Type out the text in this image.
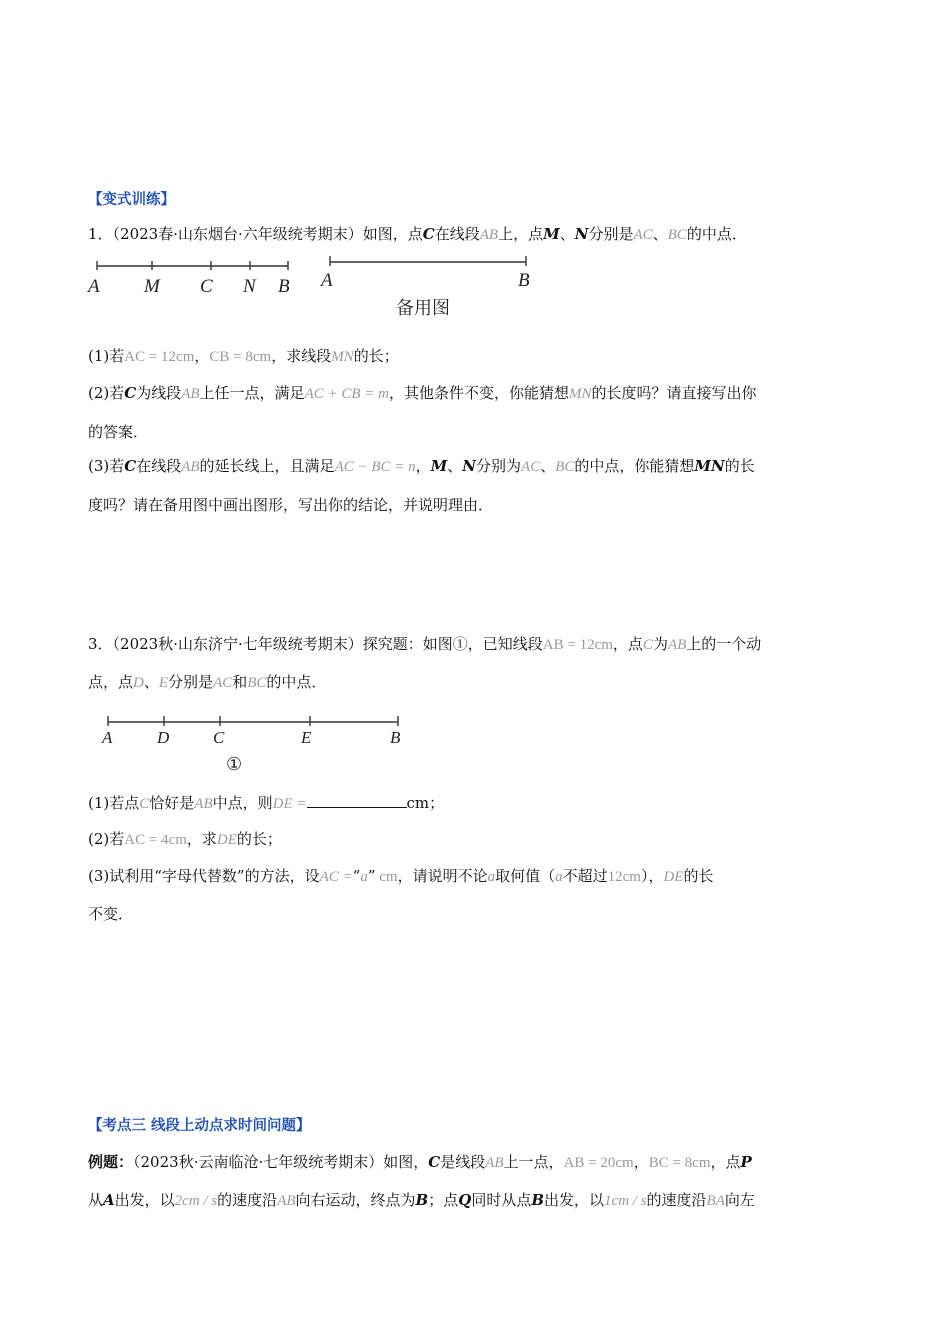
【变式训练】
1．（2023春·山东烟台·六年级统考期末）如图，点C在线段AB上，点M、N分别是AC、BC的中点．
A M C N B A	B
备用图
(1)若AC = 12cm，CB = 8cm，求线段MN的长；
(2)若C为线段AB上任一点，满足AC + CB = m，其他条件不变，你能猜想MN的长度吗？请直接写出你
的答案．
(3)若C在线段AB的延长线上，且满足AC − BC = n，M、N分别为AC、BC的中点，你能猜想MN的长
度吗？请在备用图中画出图形，写出你的结论，并说明理由．
3．（2023秋·山东济宁·七年级统考期末）探究题：如图①，已知线段AB = 12cm，点C为AB上的一个动
点，点D、E分别是AC和BC的中点．
A	D	C	E	B
①
(1)若点C恰好是AB中点，则DE =	cm；
(2)若AC = 4cm，求DE的长；
(3)试利用“字母代替数”的方法，设AC =“a” cm，请说明不论a取何值（a不超过12cm），DE的长
不变．
【考点三 线段上动点求时间问题】
例题：（2023秋·云南临沧·七年级统考期末）如图，C是线段AB上一点，AB = 20cm，BC = 8cm，点P
从A出发，以2cm / s的速度沿AB向右运动，终点为B；点Q同时从点B出发，以1cm / s的速度沿BA向左
